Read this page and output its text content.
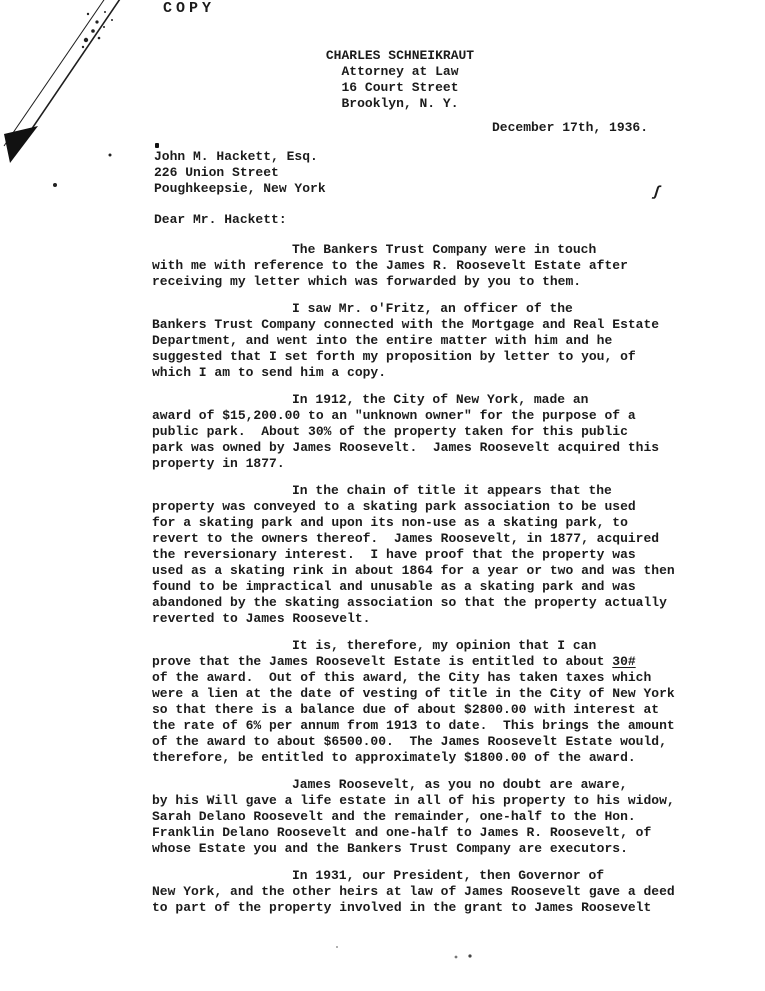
COPY
CHARLES SCHNEIKRAUT
Attorney at Law
16 Court Street
Brooklyn, N. Y.
December 17th, 1936.
John M. Hackett, Esq.
226 Union Street
Poughkeepsie, New York	ʃ
Dear Mr. Hackett:
The Bankers Trust Company were in touch
with me with reference to the James R. Roosevelt Estate after
receiving my letter which was forwarded by you to them.
I saw Mr. o'Fritz, an officer of the
Bankers Trust Company connected with the Mortgage and Real Estate
Department, and went into the entire matter with him and he
suggested that I set forth my proposition by letter to you, of
which I am to send him a copy.
In 1912, the City of New York, made an
award of $15,200.00 to an "unknown owner" for the purpose of a
public park.  About 30% of the property taken for this public
park was owned by James Roosevelt.  James Roosevelt acquired this
property in 1877.
In the chain of title it appears that the
property was conveyed to a skating park association to be used
for a skating park and upon its non-use as a skating park, to
revert to the owners thereof.  James Roosevelt, in 1877, acquired
the reversionary interest.  I have proof that the property was
used as a skating rink in about 1864 for a year or two and was then
found to be impractical and unusable as a skating park and was
abandoned by the skating association so that the property actually
reverted to James Roosevelt.
It is, therefore, my opinion that I can
prove that the James Roosevelt Estate is entitled to about 30#
of the award.  Out of this award, the City has taken taxes which
were a lien at the date of vesting of title in the City of New York
so that there is a balance due of about $2800.00 with interest at
the rate of 6% per annum from 1913 to date.  This brings the amount
of the award to about $6500.00.  The James Roosevelt Estate would,
therefore, be entitled to approximately $1800.00 of the award.
James Roosevelt, as you no doubt are aware,
by his Will gave a life estate in all of his property to his widow,
Sarah Delano Roosevelt and the remainder, one-half to the Hon.
Franklin Delano Roosevelt and one-half to James R. Roosevelt, of
whose Estate you and the Bankers Trust Company are executors.
In 1931, our President, then Governor of
New York, and the other heirs at law of James Roosevelt gave a deed
to part of the property involved in the grant to James Roosevelt
